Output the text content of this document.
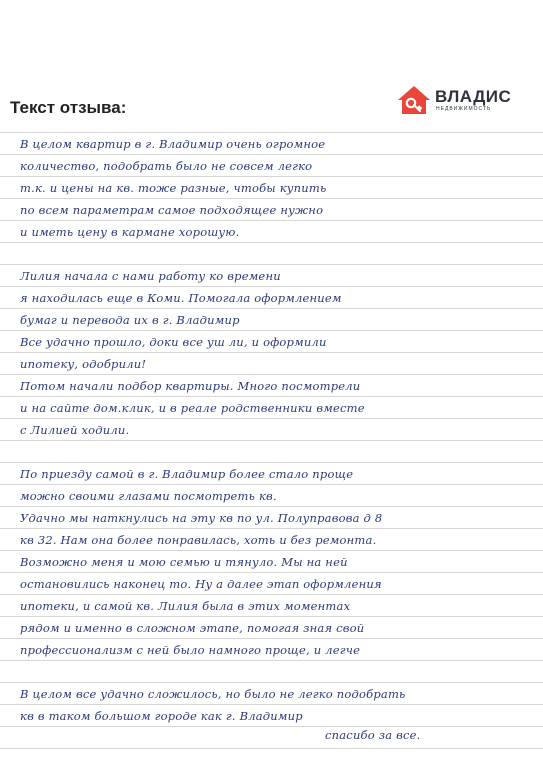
Текст отзыва:
ВЛАДИС
НЕДВИЖИМОСТЬ
В целом квартир в г. Владимир очень огромное
количество, подобрать было не совсем легко
т.к. и цены на кв. тоже разные, чтобы купить
по всем параметрам самое подходящее нужно
и иметь цену в кармане хорошую.
Лилия начала с нами работу ко времени
я находилась еще в Коми. Помогала оформлением
бумаг и перевода их в г. Владимир
Все удачно прошло, доки все уш ли, и оформили
ипотеку, одобрили!
Потом начали подбор квартиры. Много посмотрели
и на сайте дом.клик, и в реале родственники вместе
с Лилией ходили.
По приезду самой в г. Владимир более стало проще
можно своими глазами посмотреть кв.
Удачно мы наткнулись на эту кв по ул. Полуправова д 8
кв 32. Нам она более понравилась, хоть и без ремонта.
Возможно меня и мою семью и тянуло. Мы на ней
остановились наконец то. Ну а далее этап оформления
ипотеки, и самой кв. Лилия была в этих моментах
рядом и именно в сложном этапе, помогая зная свой
профессионализм с ней было намного проще, и легче
В целом все удачно сложилось, но было не легко подобрать
кв в таком большом городе как г. Владимир
спасибо за все.
